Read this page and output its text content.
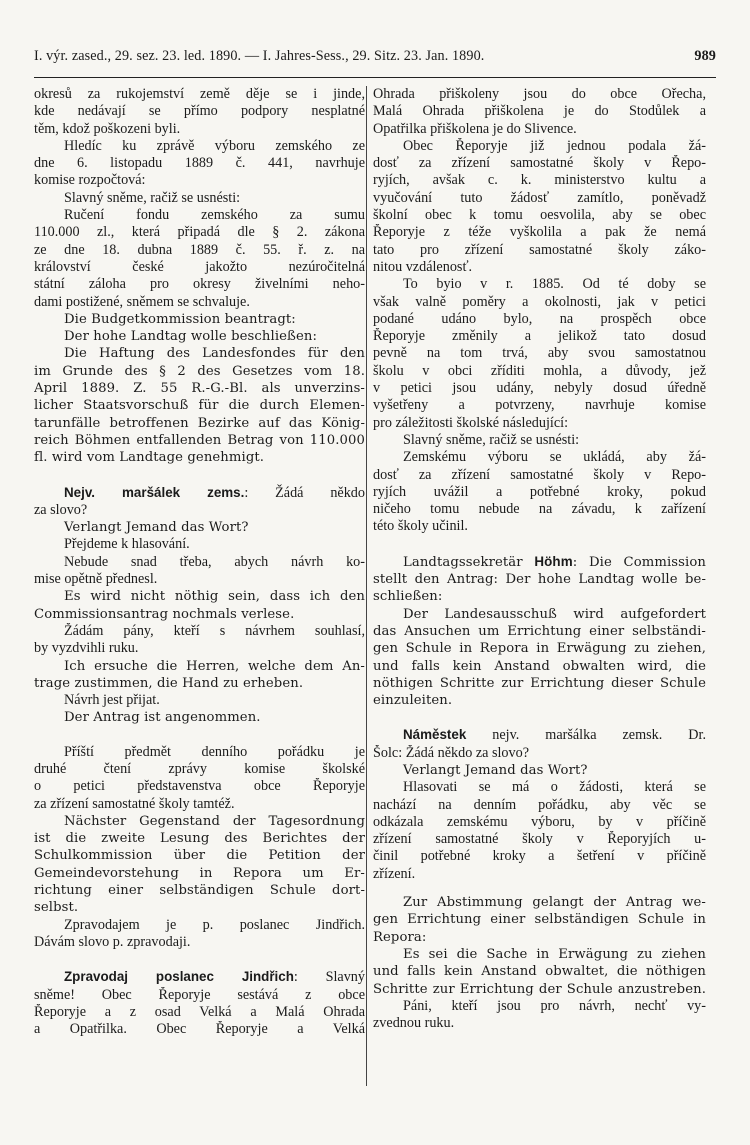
I. výr. zased., 29. sez. 23. led. 1890. — I. Jahres-Sess., 29. Sitz. 23. Jan. 1890.	989
okresů za rukojemství země děje se i jinde,
kde nedávají se přímo podpory nesplatné
těm, kdož poškozeni byli.
Hledíc ku zprávě výboru zemského ze
dne 6. listopadu 1889 č. 441, navrhuje
komise rozpočtová:
Slavný sněme, račiž se usnésti:
Ručení fondu zemského za sumu
110.000 zl., která připadá dle § 2. zákona
ze dne 18. dubna 1889 č. 55. ř. z. na
království české jakožto nezúročitelná
státní záloha pro okresy živelními neho-
dami postižené, sněmem se schvaluje.
Die Budgetkommission beantragt:
Der hohe Landtag wolle beschließen:
Die Haftung des Landesfondes für den
im Grunde des § 2 des Gesetzes vom 18.
April 1889. Z. 55 R.-G.-Bl. als unverzins-
licher Staatsvorschuß für die durch Elemen-
tarunfälle betroffenen Bezirke auf das König-
reich Böhmen entfallenden Betrag von 110.000
fl. wird vom Landtage genehmigt.
Nejv. maršálek zems.: Žádá někdo
za slovo?
Verlangt Jemand das Wort?
Přejdeme k hlasování.
Nebude snad třeba, abych návrh ko-
mise opětně přednesl.
Es wird nicht nöthig sein, dass ich den
Commissionsantrag nochmals verlese.
Žádám pány, kteří s návrhem souhlasí,
by vyzdvihli ruku.
Ich ersuche die Herren, welche dem An-
trage zustimmen, die Hand zu erheben.
Návrh jest přijat.
Der Antrag ist angenommen.
Příští předmět denního pořádku je
druhé čtení zprávy komise školské
o petici představenstva obce Řeporyje
za zřízení samostatné školy tamtéž.
Nächster Gegenstand der Tagesordnung
ist die zweite Lesung des Berichtes der
Schulkommission über die Petition der
Gemeindevorstehung in Repora um Er-
richtung einer selbständigen Schule dort-
selbst.
Zpravodajem je p. poslanec Jindřich.
Dávám slovo p. zpravodaji.
Zpravodaj poslanec Jindřich: Slavný
sněme! Obec Řeporyje sestává z obce
Řeporyje a z osad Velká a Malá Ohrada
a Opatřilka. Obec Řeporyje a Velká
Ohrada přiškoleny jsou do obce Ořecha,
Malá Ohrada přiškolena je do Stodůlek a
Opatřilka přiškolena je do Slivence.
Obec Řeporyje již jednou podala žá-
dosť za zřízení samostatné školy v Řepo-
ryjích, avšak c. k. ministerstvo kultu a
vyučování tuto žádosť zamítlo, poněvadž
školní obec k tomu oesvolila, aby se obec
Řeporyje z téže vyškolila a pak že nemá
tato pro zřízení samostatné školy záko-
nitou vzdálenosť.
To byio v r. 1885. Od té doby se
však valně poměry a okolnosti, jak v petici
podané udáno bylo, na prospěch obce
Řeporyje změnily a jelikož tato dosud
pevně na tom trvá, aby svou samostatnou
školu v obci zříditi mohla, a důvody, jež
v petici jsou udány, nebyly dosud úředně
vyšetřeny a potvrzeny, navrhuje komise
pro záležitosti školské následující:
Slavný sněme, račiž se usnésti:
Zemskému výboru se ukládá, aby žá-
dosť za zřízení samostatné školy v Repo-
ryjích uvážil a potřebné kroky, pokud
ničeho tomu nebude na závadu, k zařízení
této školy učinil.
Landtagssekretär Höhm: Die Commission
stellt den Antrag: Der hohe Landtag wolle be-
schließen:
Der Landesausschuß wird aufgefordert
das Ansuchen um Errichtung einer selbständi-
gen Schule in Repora in Erwägung zu ziehen,
und falls kein Anstand obwalten wird, die
nöthigen Schritte zur Errichtung dieser Schule
einzuleiten.
Náměstek nejv. maršálka zemsk. Dr.
Šolc: Žádá někdo za slovo?
Verlangt Jemand das Wort?
Hlasovati se má o žádosti, která se
nachází na denním pořádku, aby věc se
odkázala zemskému výboru, by v příčině
zřízení samostatné školy v Řeporyjích u-
činil potřebné kroky a šetření v příčině
zřízení.
Zur Abstimmung gelangt der Antrag we-
gen Errichtung einer selbständigen Schule in
Repora:
Es sei die Sache in Erwägung zu ziehen
und falls kein Anstand obwaltet, die nöthigen
Schritte zur Errichtung der Schule anzustreben.
Páni, kteří jsou pro návrh, nechť vy-
zvednou ruku.
